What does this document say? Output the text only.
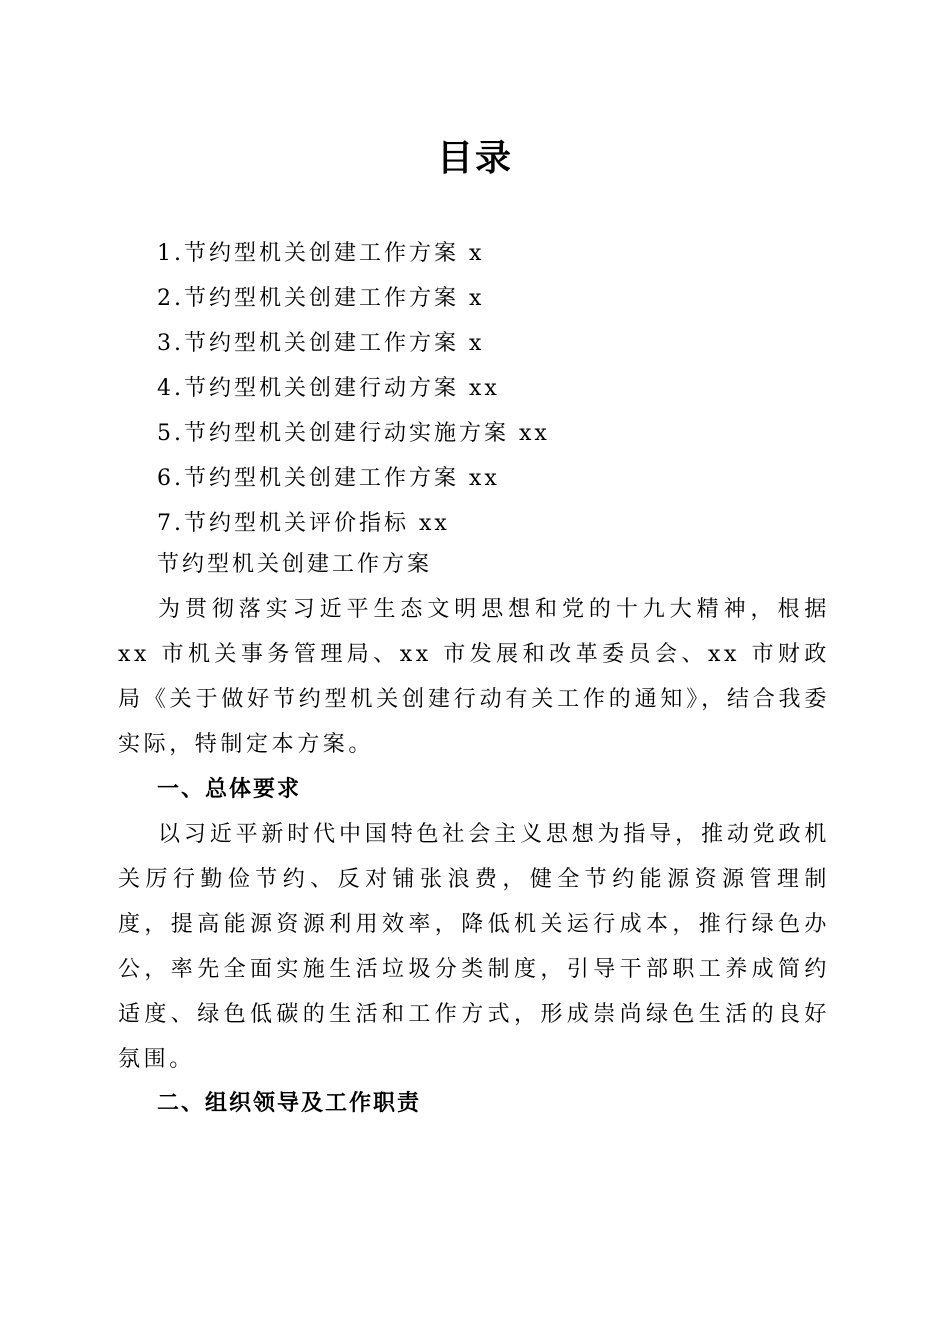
目录
1.节约型机关创建工作方案 x
2.节约型机关创建工作方案 x
3.节约型机关创建工作方案 x
4.节约型机关创建行动方案 xx
5.节约型机关创建行动实施方案 xx
6.节约型机关创建工作方案 xx
7.节约型机关评价指标 xx
节约型机关创建工作方案

为贯彻落实习近平生态文明思想和党的十九大精神，根据 xx 市机关事务管理局、xx 市发展和改革委员会、xx 市财政局《关于做好节约型机关创建行动有关工作的通知》，结合我委实际，特制定本方案。

一、总体要求

以习近平新时代中国特色社会主义思想为指导，推动党政机关厉行勤俭节约、反对铺张浪费，健全节约能源资源管理制度，提高能源资源利用效率，降低机关运行成本，推行绿色办公，率先全面实施生活垃圾分类制度，引导干部职工养成简约适度、绿色低碳的生活和工作方式，形成崇尚绿色生活的良好氛围。

二、组织领导及工作职责
